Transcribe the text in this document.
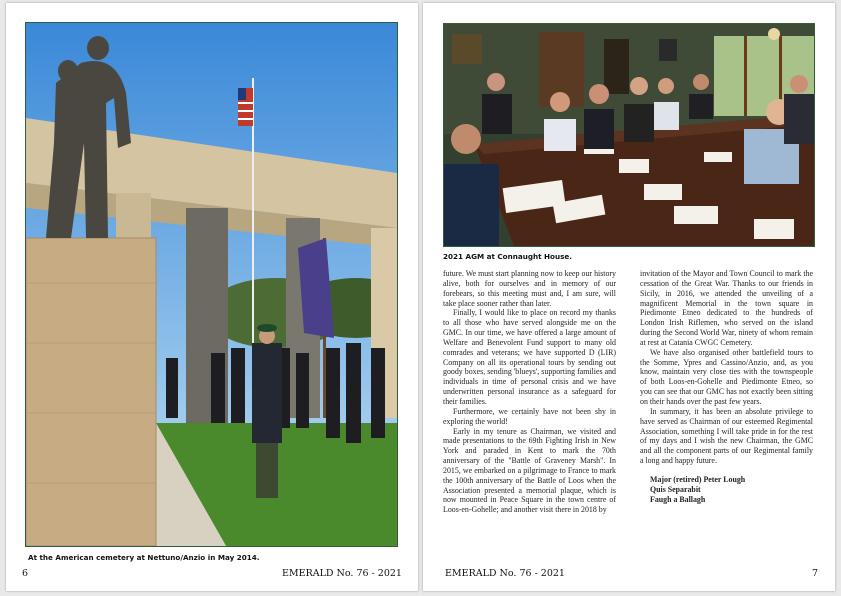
At the American cemetery at Nettuno/Anzio in May 2014.
6	EMERALD No. 76 - 2021
2021 AGM at Connaught House.

future. We must start planning now to keep our history alive, both for ourselves and in memory of our forebears, so this meeting must and, I am sure, will take place sooner rather than later.

Finally, I would like to place on record my thanks to all those who have served alongside me on the GMC. In our time, we have offered a large amount of Welfare and Benevolent Fund support to many old comrades and veterans; we have supported D (LIR) Company on all its operational tours by sending out goody boxes, sending 'blueys', supporting families and individuals in time of personal crisis and we have underwritten personal insurance as a safeguard for their families.

Furthermore, we certainly have not been shy in exploring the world!

Early in my tenure as Chairman, we visited and made presentations to the 69th Fighting Irish in New York and paraded in Kent to mark the 70th anniversary of the "Battle of Graveney Marsh". In 2015, we embarked on a pilgrimage to France to mark the 100th anniversary of the Battle of Loos when the Association presented a memorial plaque, which is now mounted in Peace Square in the town centre of Loos-en-Gohelle; and another visit there in 2018 by

invitation of the Mayor and Town Council to mark the cessation of the Great War. Thanks to our friends in Sicily, in 2016, we attended the unveiling of a magnificent Memorial in the town square in Piedimonte Etneo dedicated to the hundreds of London Irish Riflemen, who served on the island during the Second World War, ninety of whom remain at rest at Catania CWGC Cemetery.

We have also organised other battlefield tours to the Somme, Ypres and Cassino/Anzio, and, as you know, maintain very close ties with the townspeople of both Loos-en-Gohelle and Piedimonte Etneo, so you can see that our GMC has not exactly been sitting on their hands over the past few years.

In summary, it has been an absolute privilege to have served as Chairman of our esteemed Regimental Association, something I will take pride in for the rest of my days and I wish the new Chairman, the GMC and all the component parts of our Regimental family a long and happy future.

Major (retired) Peter Lough

Quis Separabit

Faugh a Ballagh

EMERALD No. 76 - 2021	7
